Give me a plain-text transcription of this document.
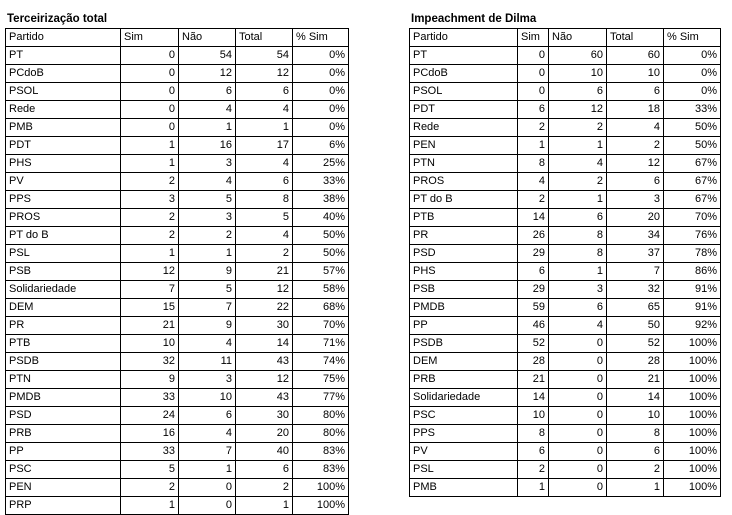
Terceirização total
Partido	Sim	Não	Total	% Sim
PT	0	54	54	0%
PCdoB	0	12	12	0%
PSOL	0	6	6	0%
Rede	0	4	4	0%
PMB	0	1	1	0%
PDT	1	16	17	6%
PHS	1	3	4	25%
PV	2	4	6	33%
PPS	3	5	8	38%
PROS	2	3	5	40%
PT do B	2	2	4	50%
PSL	1	1	2	50%
PSB	12	9	21	57%
Solidariedade	7	5	12	58%
DEM	15	7	22	68%
PR	21	9	30	70%
PTB	10	4	14	71%
PSDB	32	11	43	74%
PTN	9	3	12	75%
PMDB	33	10	43	77%
PSD	24	6	30	80%
PRB	16	4	20	80%
PP	33	7	40	83%
PSC	5	1	6	83%
PEN	2	0	2	100%
PRP	1	0	1	100%
Impeachment de Dilma
Partido	Sim	Não	Total	% Sim
PT	0	60	60	0%
PCdoB	0	10	10	0%
PSOL	0	6	6	0%
PDT	6	12	18	33%
Rede	2	2	4	50%
PEN	1	1	2	50%
PTN	8	4	12	67%
PROS	4	2	6	67%
PT do B	2	1	3	67%
PTB	14	6	20	70%
PR	26	8	34	76%
PSD	29	8	37	78%
PHS	6	1	7	86%
PSB	29	3	32	91%
PMDB	59	6	65	91%
PP	46	4	50	92%
PSDB	52	0	52	100%
DEM	28	0	28	100%
PRB	21	0	21	100%
Solidariedade	14	0	14	100%
PSC	10	0	10	100%
PPS	8	0	8	100%
PV	6	0	6	100%
PSL	2	0	2	100%
PMB	1	0	1	100%
